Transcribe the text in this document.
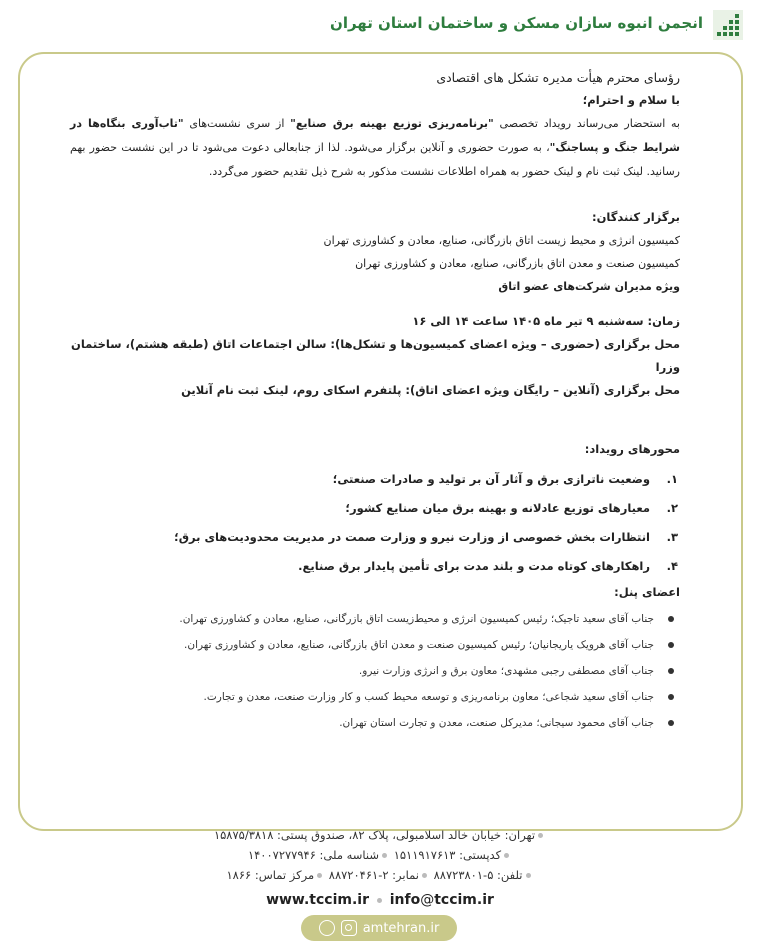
انجمن انبوه سازان مسکن و ساختمان استان تهران

رؤسای محترم هیأت مدیره تشکل های اقتصادی

با سلام و احترام؛

به استحضار می‌رساند رویداد تخصصی "برنامه‌ریزی توزیع بهینه برق صنایع" از سری نشست‌های "تاب‌آوری بنگاه‌ها در شرایط جنگ و پساجنگ"، به صورت حضوری و آنلاین برگزار می‌شود. لذا از جنابعالی دعوت می‌شود تا در این نشست حضور بهم رسانید. لینک ثبت نام و لینک حضور به همراه اطلاعات نشست مذکور به شرح ذیل تقدیم حضور می‌گردد.

برگزار کنندگان:

کمیسیون انرژی و محیط زیست اتاق بازرگانی، صنایع، معادن و کشاورزی تهران

کمیسیون صنعت و معدن اتاق بازرگانی، صنایع، معادن و کشاورزی تهران

ویژه مدیران شرکت‌های عضو اتاق

زمان: سه‌شنبه ۹ تیر ماه ۱۴۰۵ ساعت ۱۴ الی ۱۶

محل برگزاری (حضوری – ویژه اعضای کمیسیون‌ها و تشکل‌ها): سالن اجتماعات اتاق (طبقه هشتم)، ساختمان وزرا

محل برگزاری (آنلاین – رایگان ویژه اعضای اتاق): پلتفرم اسکای روم، لینک ثبت نام آنلاین

محورهای رویداد:

۱.
وضعیت ناترازی برق و آثار آن بر تولید و صادرات صنعتی؛
۲.
معیارهای توزیع عادلانه و بهینه برق میان صنایع کشور؛
۳.
انتظارات بخش خصوصی از وزارت نیرو و وزارت صمت در مدیریت محدودیت‌های برق؛
۴.
راهکارهای کوتاه مدت و بلند مدت برای تأمین پایدار برق صنایع.

اعضای پنل:

جناب آقای سعید تاجیک؛ رئیس کمیسیون انرژی و محیط‌زیست اتاق بازرگانی، صنایع، معادن و کشاورزی تهران.
جناب آقای هرویک یاریجانیان؛ رئیس کمیسیون صنعت و معدن اتاق بازرگانی، صنایع، معادن و کشاورزی تهران.
جناب آقای مصطفی رجبی مشهدی؛ معاون برق و انرژی وزارت نیرو.
جناب آقای سعید شجاعی؛ معاون برنامه‌ریزی و توسعه محیط کسب و کار وزارت صنعت، معدن و تجارت.
جناب آقای محمود سیجانی؛ مدیرکل صنعت، معدن و تجارت استان تهران.
تهران: خیابان خالد اسلامبولی، پلاک ۸۲، صندوق پستی: ۱۵۸۷۵/۳۸۱۸
کدپستی: ۱۵۱۱۹۱۷۶۱۳ شناسه ملی: ۱۴۰۰۷۲۷۷۹۴۶
تلفن: ۵-۸۸۷۲۳۸۰۱ نمابر: ۲-۸۸۷۲۰۴۶۱ مرکز تماس: ۱۸۶۶
www.tccim.ir info@tccim.ir
amtehran.ir
